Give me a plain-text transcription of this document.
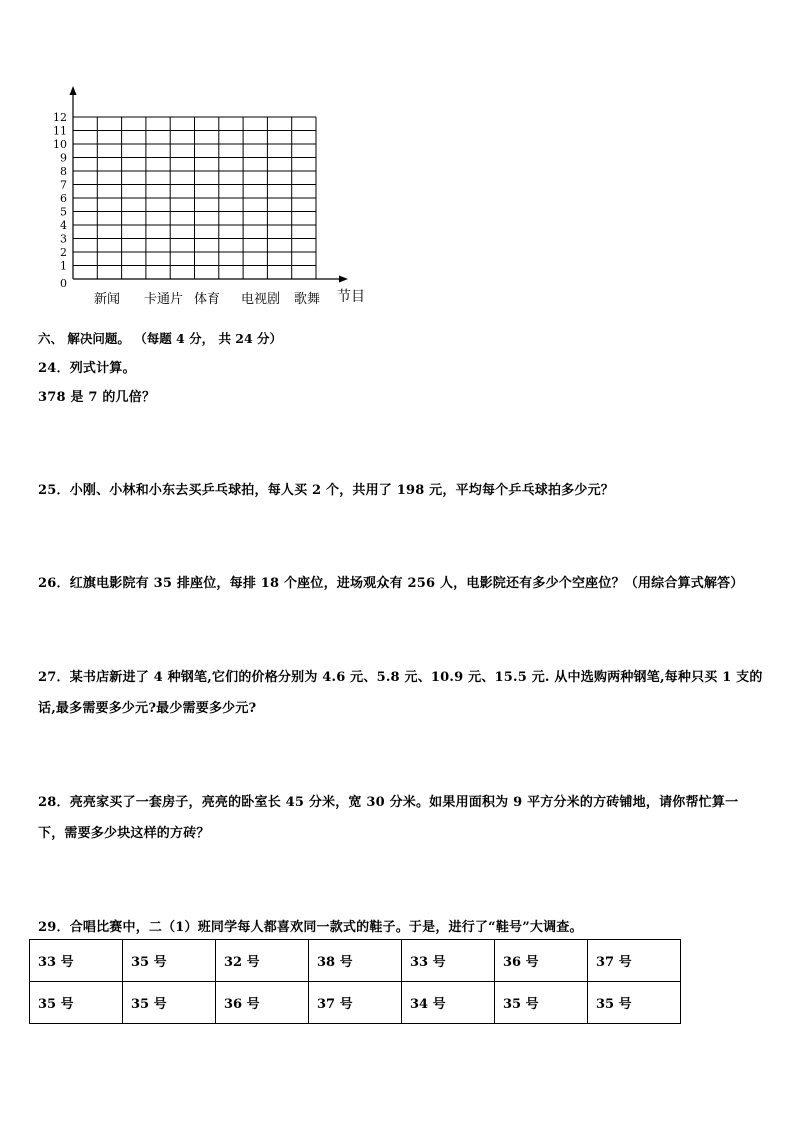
0
1
2
3
4
5
6
7
8
9
10
11
12
新闻 卡通片 体育 电视剧 歌舞 节目
六、 解决问题。 （每题 4 分， 共 24 分）
24．列式计算。
378 是 7 的几倍？
25．小刚、小林和小东去买乒乓球拍，每人买 2 个，共用了 198 元，平均每个乒乓球拍多少元？
26．红旗电影院有 35 排座位，每排 18 个座位，进场观众有 256 人，电影院还有多少个空座位？（用综合算式解答）
27．某书店新进了 4 种钢笔,它们的价格分别为 4.6 元、5.8 元、10.9 元、15.5 元. 从中选购两种钢笔,每种只买 1 支的
话,最多需要多少元?最少需要多少元?
28．亮亮家买了一套房子，亮亮的卧室长 45 分米，宽 30 分米。如果用面积为 9 平方分米的方砖铺地，请你帮忙算一
下，需要多少块这样的方砖？
29．合唱比赛中，二（1）班同学每人都喜欢同一款式的鞋子。于是，进行了“鞋号”大调查。
33 号	35 号	32 号	38 号	33 号	36 号	37 号
35 号	35 号	36 号	37 号	34 号	35 号	35 号
